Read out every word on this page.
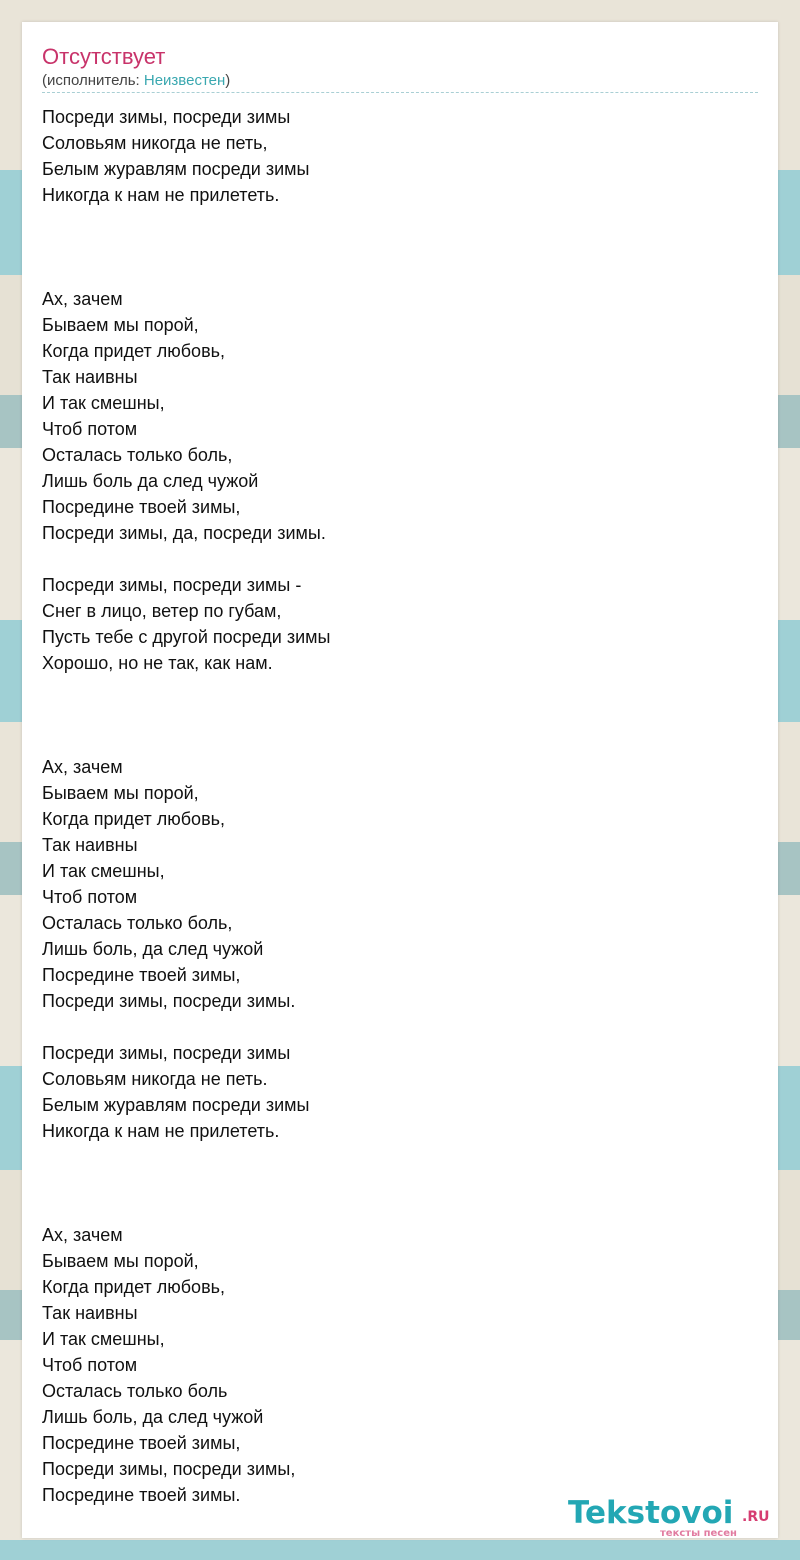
Отсутствует
(исполнитель: Неизвестен)
Посреди зимы, посреди зимы
Соловьям никогда не петь,
Белым журавлям посреди зимы
Никогда к нам не прилететь.

Ах, зачем
Бываем мы порой,
Когда придет любовь,
Так наивны
И так смешны,
Чтоб потом
Осталась только боль,
Лишь боль да след чужой
Посредине твоей зимы,
Посреди зимы, да, посреди зимы.

Посреди зимы, посреди зимы -
Снег в лицо, ветер по губам,
Пусть тебе с другой посреди зимы
Хорошо, но не так, как нам.

Ах, зачем
Бываем мы порой,
Когда придет любовь,
Так наивны
И так смешны,
Чтоб потом
Осталась только боль,
Лишь боль, да след чужой
Посредине твоей зимы,
Посреди зимы, посреди зимы.

Посреди зимы, посреди зимы
Соловьям никогда не петь.
Белым журавлям посреди зимы
Никогда к нам не прилететь.

Ах, зачем
Бываем мы порой,
Когда придет любовь,
Так наивны
И так смешны,
Чтоб потом
Осталась только боль
Лишь боль, да след чужой
Посредине твоей зимы,
Посреди зимы, посреди зимы,
Посредине твоей зимы.	Tekstovoi .RU
тексты песен
